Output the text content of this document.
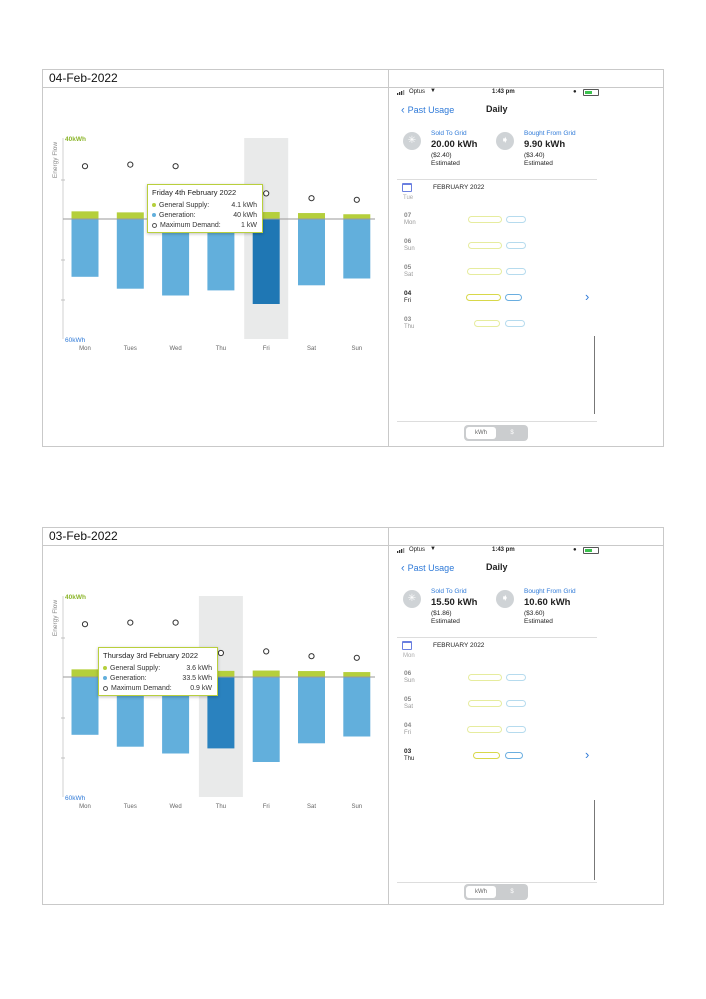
04-Feb-2022
Energy Flow
40kWh
60kWh
Mon	Tues	Wed	Thu	Fri	Sat	Sun
Friday 4th February 2022
General Supply:	4.1 kWh
Generation:	40 kWh
Maximum Demand:	1 kW
Optus ▼	1:43 pm	●
‹ Past Usage	Daily
✳
Sold To Grid
20.00 kWh
($2.40)
Estimated
➧
Bought From Grid
9.90 kWh
($3.40)
Estimated
FEBRUARY 2022
Tue
07
Mon
06
Sun
05
Sat
04
Fri	›
03
Thu
kWh	$
03-Feb-2022
Energy Flow
40kWh
60kWh
Mon	Tues	Wed	Thu	Fri	Sat	Sun
Thursday 3rd February 2022
General Supply:	3.6 kWh
Generation:	33.5 kWh
Maximum Demand:	0.9 kW
Optus ▼	1:43 pm	●
‹ Past Usage	Daily
✳
Sold To Grid
15.50 kWh
($1.86)
Estimated
➧
Bought From Grid
10.60 kWh
($3.60)
Estimated
FEBRUARY 2022
Mon
06
Sun
05
Sat
04
Fri
03
Thu	›
kWh	$
